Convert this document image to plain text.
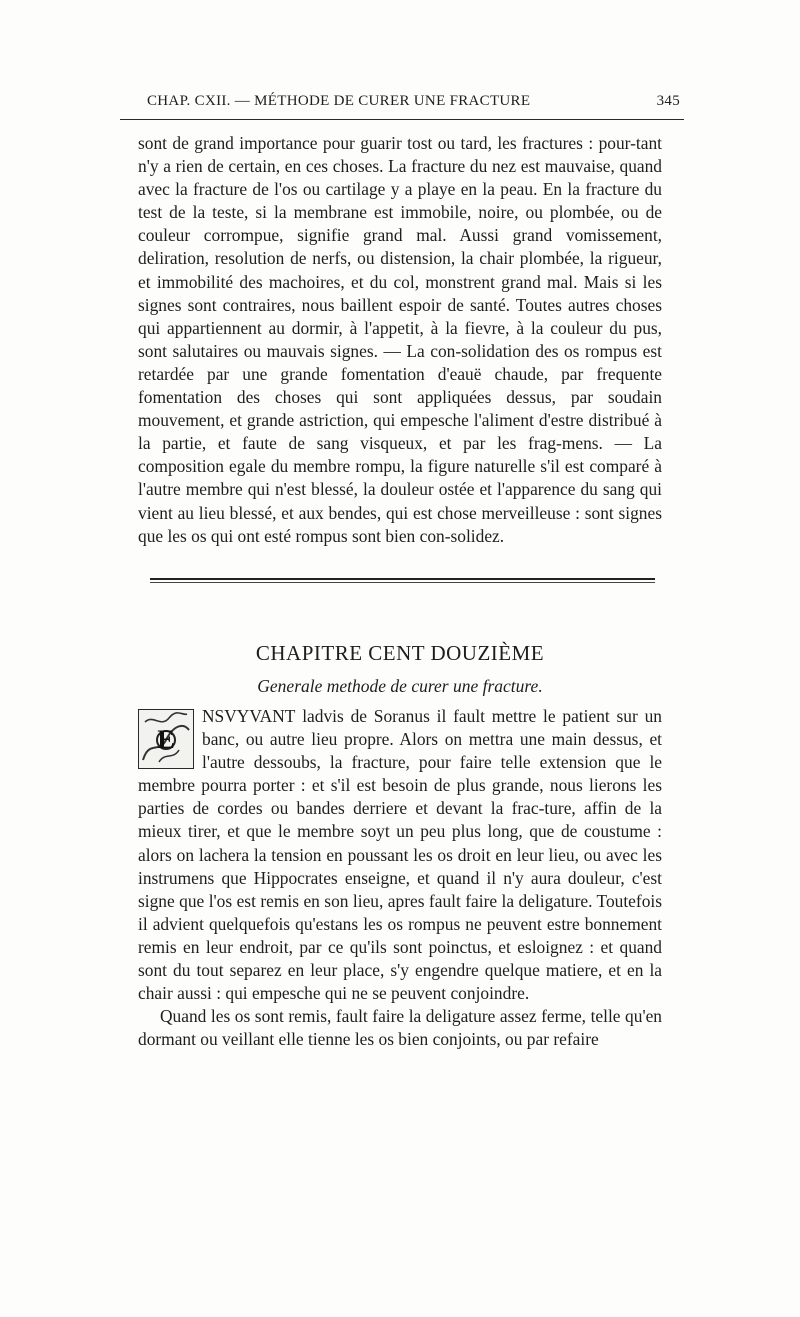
CHAP. CXII. — MÉTHODE DE CURER UNE FRACTURE	345

sont de grand importance pour guarir tost ou tard, les fractures : pour-tant n'y a rien de certain, en ces choses. La fracture du nez est mauvaise, quand avec la fracture de l'os ou cartilage y a playe en la peau. En la fracture du test de la teste, si la membrane est immobile, noire, ou plombée, ou de couleur corrompue, signifie grand mal. Aussi grand vomissement, deliration, resolution de nerfs, ou distension, la chair plombée, la rigueur, et immobilité des machoires, et du col, monstrent grand mal. Mais si les signes sont contraires, nous baillent espoir de santé. Toutes autres choses qui appartiennent au dormir, à l'appetit, à la fievre, à la couleur du pus, sont salutaires ou mauvais signes. — La con-solidation des os rompus est retardée par une grande fomentation d'eauë chaude, par frequente fomentation des choses qui sont appliquées dessus, par soudain mouvement, et grande astriction, qui empesche l'aliment d'estre distribué à la partie, et faute de sang visqueux, et par les frag-mens. — La composition egale du membre rompu, la figure naturelle s'il est comparé à l'autre membre qui n'est blessé, la douleur ostée et l'apparence du sang qui vient au lieu blessé, et aux bendes, qui est chose merveilleuse : sont signes que les os qui ont esté rompus sont bien con-solidez.

CHAPITRE CENT DOUZIÈME
Generale methode de curer une fracture.
E

NSVYVANT ladvis de Soranus il fault mettre le patient sur un banc, ou autre lieu propre. Alors on mettra une main dessus, et l'autre dessoubs, la fracture, pour faire telle extension que le membre pourra porter : et s'il est besoin de plus grande, nous lierons les parties de cordes ou bandes derriere et devant la frac-ture, affin de la mieux tirer, et que le membre soyt un peu plus long, que de coustume : alors on lachera la tension en poussant les os droit en leur lieu, ou avec les instrumens que Hippocrates enseigne, et quand il n'y aura douleur, c'est signe que l'os est remis en son lieu, apres fault faire la deligature. Toutefois il advient quelquefois qu'estans les os rompus ne peuvent estre bonnement remis en leur endroit, par ce qu'ils sont poinctus, et esloignez : et quand sont du tout separez en leur place, s'y engendre quelque matiere, et en la chair aussi : qui empesche qui ne se peuvent conjoindre.

Quand les os sont remis, fault faire la deligature assez ferme, telle qu'en dormant ou veillant elle tienne les os bien conjoints, ou par refaire
